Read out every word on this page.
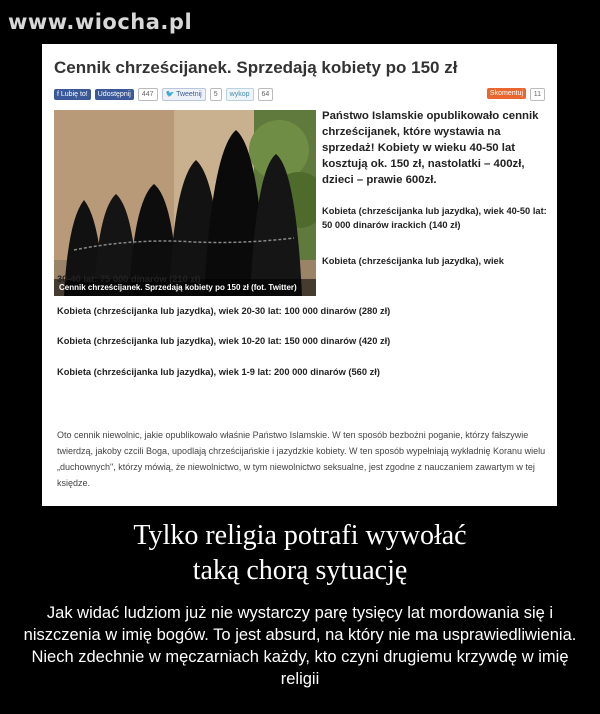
www.wiocha.pl
Cennik chrześcijanek. Sprzedają kobiety po 150 zł
f Lubię to!	Udostępnij	447	🐦 Tweetnij	5	wykop	64	Skomentuj	11
Cennik chrześcijanek. Sprzedają kobiety po 150 zł (fot. Twitter)

Państwo Islamskie opublikowało cennik chrześcijanek, które wystawia na sprzedaż! Kobiety w wieku 40-50 lat kosztują ok. 150 zł, nastolatki – 400zł, dzieci – prawie 600zł.

Kobieta (chrześcijanka lub jazydka), wiek 40-50 lat: 50 000 dinarów irackich (140 zł)

Kobieta (chrześcijanka lub jazydka), wiek

30-40 lat: 75 000 dinarów (210 zł)

Kobieta (chrześcijanka lub jazydka), wiek 20-30 lat: 100 000 dinarów (280 zł)

Kobieta (chrześcijanka lub jazydka), wiek 10-20 lat: 150 000 dinarów (420 zł)

Kobieta (chrześcijanka lub jazydka), wiek 1-9 lat: 200 000 dinarów (560 zł)

Oto cennik niewolnic, jakie opublikowało właśnie Państwo Islamskie. W ten sposób bezbożni poganie, którzy fałszywie twierdzą, jakoby czcili Boga, upodlają chrześcijańskie i jazydzkie kobiety. W ten sposób wypełniają wykładnię Koranu wielu „duchownych", którzy mówią, że niewolnictwo, w tym niewolnictwo seksualne, jest zgodne z nauczaniem zawartym w tej księdze.

Tylko religia potrafi wywołać
taką chorą sytuację

Jak widać ludziom już nie wystarczy parę tysięcy lat mordowania się i niszczenia w imię bogów. To jest absurd, na który nie ma usprawiedliwienia. Niech zdechnie w męczarniach każdy, kto czyni drugiemu krzywdę w imię religii
